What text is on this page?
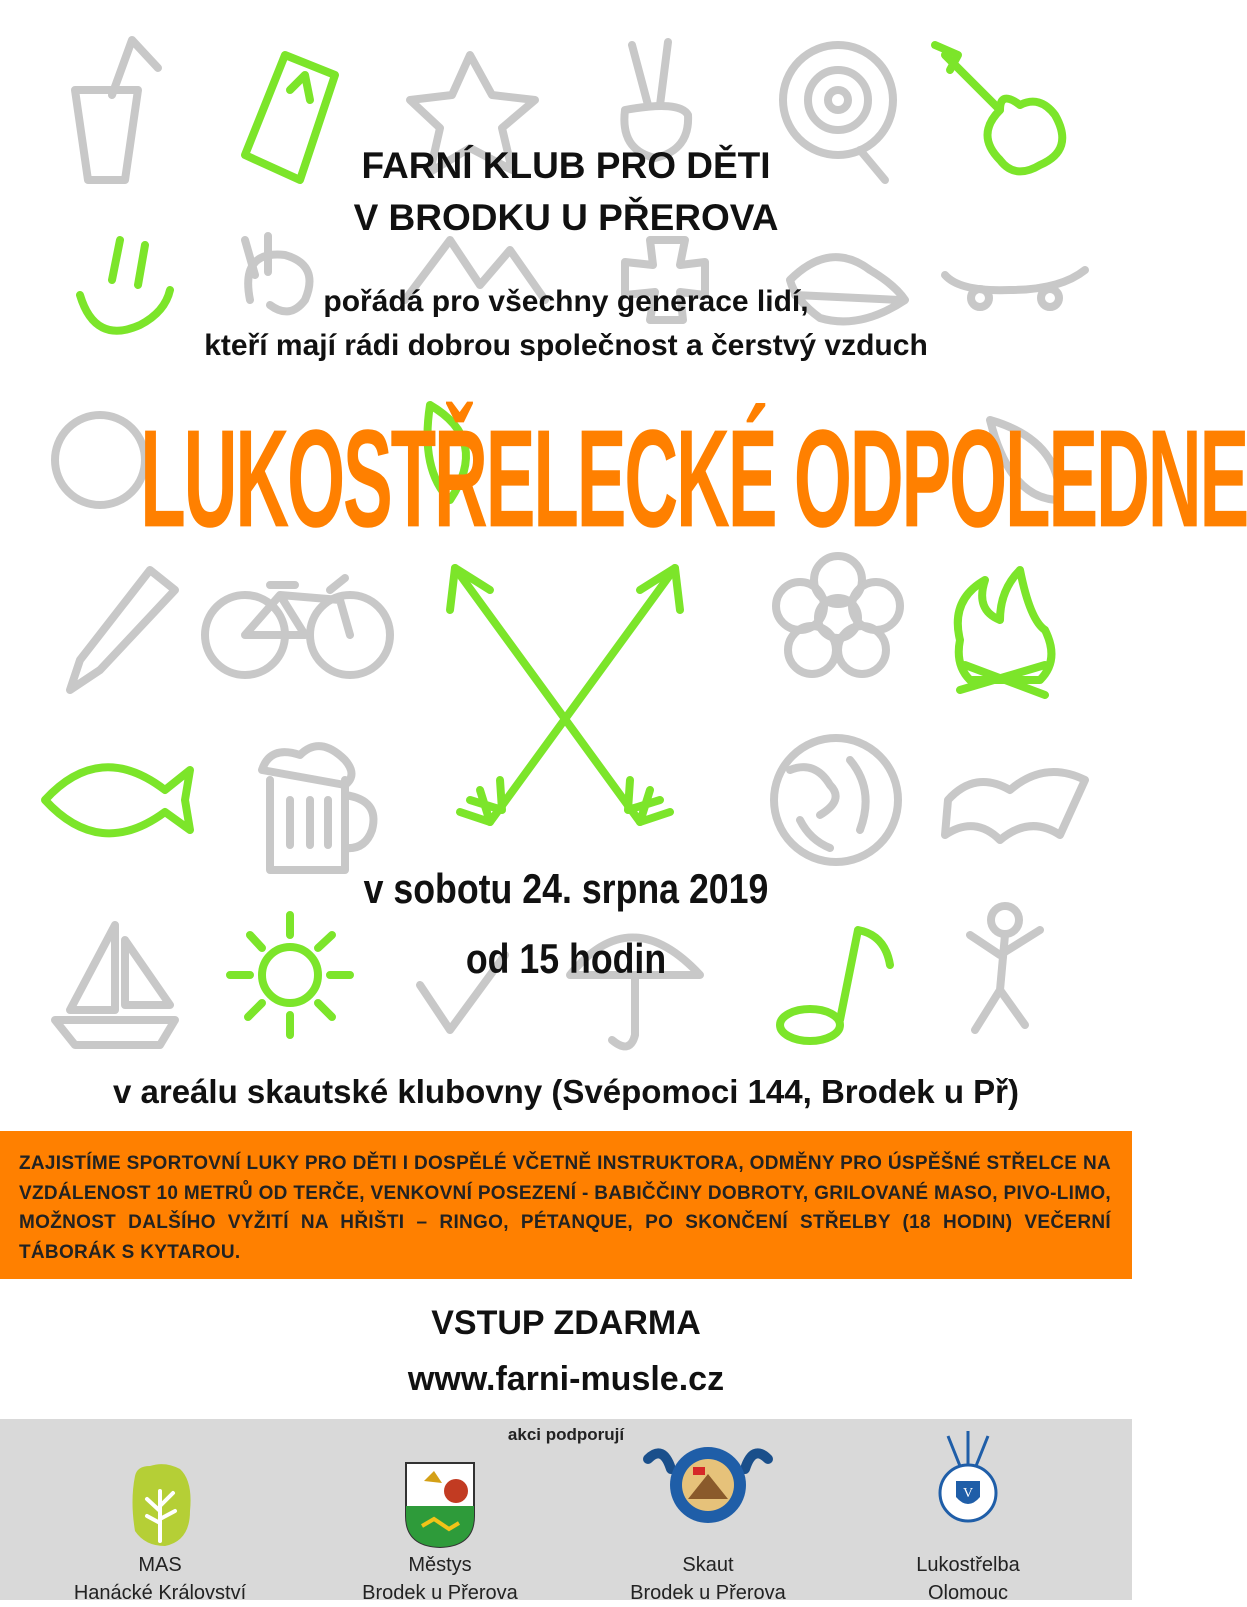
FARNÍ KLUB PRO DĚTI
V BRODKU U PŘEROVA
pořádá pro všechny generace lidí,
kteří mají rádi dobrou společnost a čerstvý vzduch
LUKOSTŘELECKÉ ODPOLEDNE
v sobotu 24. srpna 2019
od 15 hodin
v areálu skautské klubovny (Svépomoci 144, Brodek u Př)

ZAJISTÍME SPORTOVNÍ LUKY PRO DĚTI I DOSPĚLÉ VČETNĚ INSTRUKTORA, ODMĚNY PRO ÚSPĚŠNÉ STŘELCE NA VZDÁLENOST 10 METRŮ OD TERČE, VENKOVNÍ POSEZENÍ - BABIČČINY DOBROTY, GRILOVANÉ MASO, PIVO-LIMO, MOŽNOST DALŠÍHO VYŽITÍ NA HŘIŠTI – RINGO, PÉTANQUE, PO SKONČENÍ STŘELBY (18 HODIN) VEČERNÍ TÁBORÁK S KYTAROU.

VSTUP ZDARMA
www.farni-musle.cz
akci podporují
MAS
Hanácké Království
Městys
Brodek u Přerova
Skaut
Brodek u Přerova
V
Lukostřelba
Olomouc
